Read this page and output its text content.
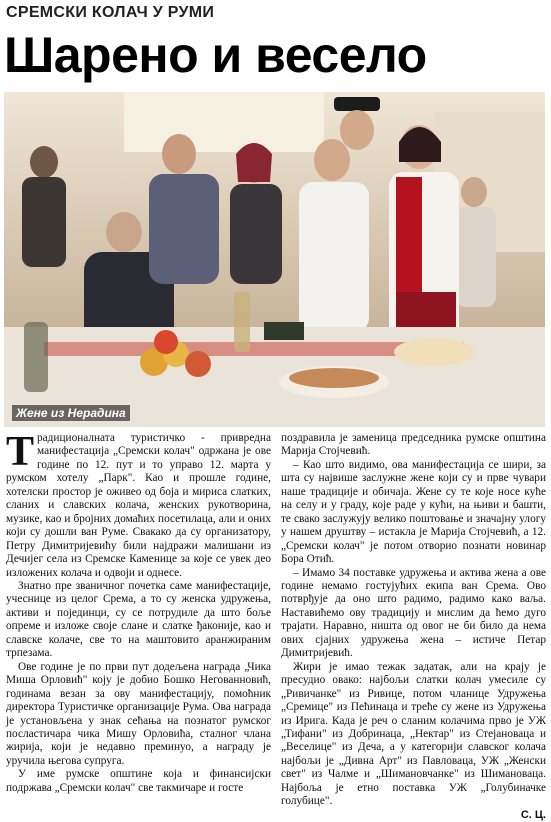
СРЕМСКИ КОЛАЧ У РУМИ
Шарено и весело
Жене из Нерадина

Традиционалната туристичко - привредна манифестација „Сремски колач" одржана је ове године по 12. пут и то управо 12. марта у румском хотелу „Парк". Као и прошле године, хотелски простор је оживео од боја и мириса слатких, сланих и славских колача, женских рукотворина, музике, као и бројних домаћих посетилаца, али и оних који су дошли ван Руме. Свакако да су организатору, Петру Димитријевићу били најдражи малишани из Дечијег села из Сремске Каменице за које се увек део изложених колача и одвоји и однесе.

Знатно пре званичног почетка саме манифестације, учеснице из целог Срема, а то су женска удружења, активи и појединци, су се потрудиле да што боље опреме и изложе своје слане и слатке ђаконије, као и славске колаче, све то на маштовито аранжираним трпезама.

Ове године је по први пут додељена награда „Чика Миша Орловић" коју је добио Бошко Негованновић, годинама везан за ову манифестацију, помоћник директора Туристичке организације Рума. Ова награда је установљена у знак сећања на познатог румског посластичара чика Мишу Орловића, сталног члана жирија, који је недавно преминуо, а награду је уручила његова супруга.

У име румске општине која и финансијски подржава „Сремски колач" све такмичаре и госте

поздравила је заменица председника румске општина Марија Стојчевић.

– Као што видимо, ова манифестација се шири, за шта су највише заслужне жене који су и прве чувари наше традиције и обичаја. Жене су те које носе куће на селу и у граду, које раде у кући, на њиви и башти, те свако заслужују велико поштовање и значајну улогу у нашем друштву – истакла је Марија Стојчевић, а 12. „Сремски колач" је потом отворио познати новинар Бора Отић.

– Имамо 34 поставке удружења и актива жена а ове године немамо гостујућих екипа ван Срема. Ово потврђује да оно што радимо, радимо како ваља. Наставићемо ову традицију и мислим да ћемо дуго трајати. Наравно, ништа од овог не би било да нема ових сјајних удружења жена – истиче Петар Димитријевић.

Жири је имао тежак задатак, али на крају је пресудио овако: најбољи слатки колач умесиле су „Ривичанке" из Ривице, потом чланице Удружења „Сремице" из Пећинаца и треће су жене из Удружења из Ирига. Када је реч о сланим колачима прво је УЖ „Тифани" из Добринаца, „Нектар" из Стејановаца и „Веселице" из Деча, а у категорији славског колача најбољи је „Дивна Арт" из Павловаца, УЖ „Женски свет" из Чалме и „Шимановчанке" из Шимановаца. Најбоља је етно поставка УЖ „Голубиначке голубице".

С. Ц.
